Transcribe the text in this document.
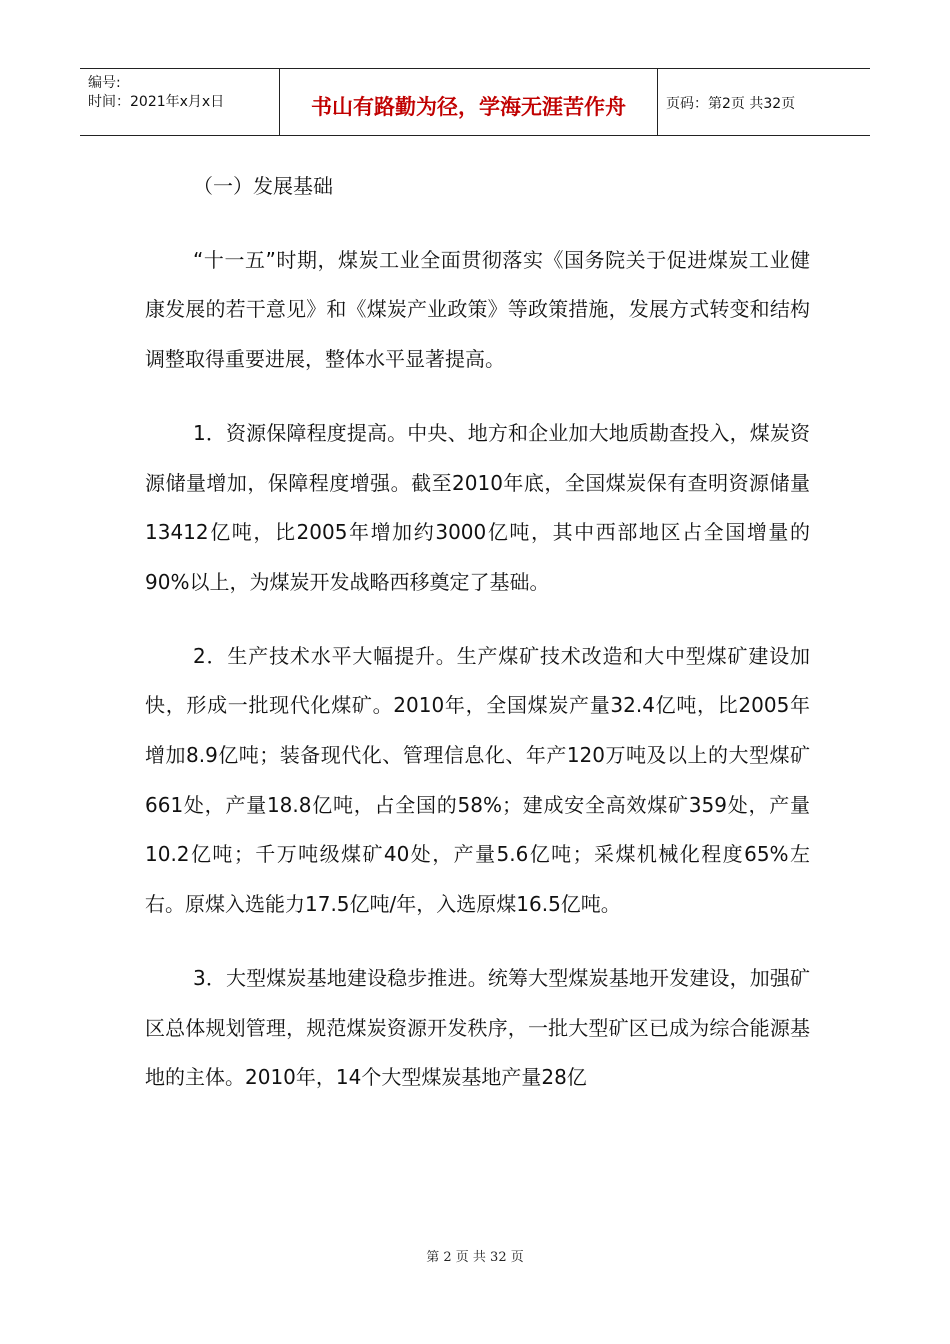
编号:
时间：2021年x月x日	书山有路勤为径，学海无涯苦作舟	页码：第2页 共32页

（一）发展基础

“十一五”时期，煤炭工业全面贯彻落实《国务院关于促进煤炭工业健康发展的若干意见》和《煤炭产业政策》等政策措施，发展方式转变和结构调整取得重要进展，整体水平显著提高。

1．资源保障程度提高。中央、地方和企业加大地质勘查投入，煤炭资源储量增加，保障程度增强。截至2010年底，全国煤炭保有查明资源储量13412亿吨，比2005年增加约3000亿吨，其中西部地区占全国增量的90%以上，为煤炭开发战略西移奠定了基础。

2．生产技术水平大幅提升。生产煤矿技术改造和大中型煤矿建设加快，形成一批现代化煤矿。2010年，全国煤炭产量32.4亿吨，比2005年增加8.9亿吨；装备现代化、管理信息化、年产120万吨及以上的大型煤矿661处，产量18.8亿吨，占全国的58%；建成安全高效煤矿359处，产量10.2亿吨；千万吨级煤矿40处，产量5.6亿吨；采煤机械化程度65%左右。原煤入选能力17.5亿吨/年，入选原煤16.5亿吨。

3．大型煤炭基地建设稳步推进。统筹大型煤炭基地开发建设，加强矿区总体规划管理，规范煤炭资源开发秩序，一批大型矿区已成为综合能源基地的主体。2010年，14个大型煤炭基地产量28亿

第 2 页 共 32 页
